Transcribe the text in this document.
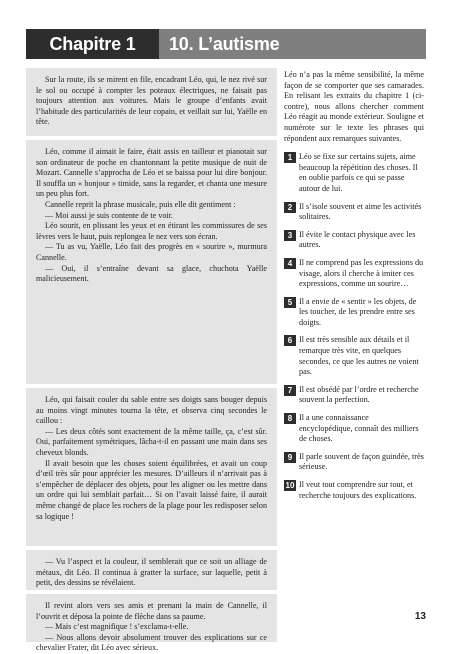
Chapitre 1	10. L’autisme

Sur la route, ils se mirent en file, encadrant Léo, qui, le nez rivé sur le sol ou occupé à compter les poteaux électriques, ne faisait pas toujours attention aux voitures. Mais le groupe d’enfants avait l’habitude des particularités de leur copain, et veillait sur lui, Yaëlle en tête.

Léo, comme il aimait le faire, était assis en tailleur et pianotait sur son ordinateur de poche en chantonnant la petite musique de nuit de Mozart. Cannelle s’approcha de Léo et se baissa pour lui dire bonjour. Il souffla un « bonjour » timide, sans la regarder, et chanta une mesure un peu plus fort.

Cannelle reprit la phrase musicale, puis elle dit gentiment :

— Moi aussi je suis contente de te voir.

Léo sourit, en plissant les yeux et en étirant les commissures de ses lèvres vers le haut, puis replongea le nez vers son écran.

— Tu as vu, Yaëlle, Léo fait des progrès en « sourire », murmura Cannelle.

— Oui, il s’entraîne devant sa glace, chuchota Yaëlle malicieusement.

Léo, qui faisait couler du sable entre ses doigts sans bouger depuis au moins vingt minutes tourna la tête, et observa cinq secondes le caillou :

— Les deux côtés sont exactement de la même taille, ça, c’est sûr. Oui, parfaitement symétriques, lâcha-t-il en passant une main dans ses cheveux blonds.

Il avait besoin que les choses soient équilibrées, et avait un coup d’œil très sûr pour apprécier les mesures. D’ailleurs il n’arrivait pas à s’empêcher de déplacer des objets, pour les aligner ou les mettre dans un ordre qui lui semblait parfait… Si on l’avait laissé faire, il aurait même changé de place les rochers de la plage pour les redisposer selon sa logique !

— Vu l’aspect et la couleur, il semblerait que ce soit un alliage de métaux, dit Léo. Il continua à gratter la surface, sur laquelle, petit à petit, des dessins se révélaient.

Il revint alors vers ses amis et prenant la main de Cannelle, il l’ouvrit et déposa la pointe de flèche dans sa paume.

— Mais c’est magnifique ! s’exclama-t-elle.

— Nous allons devoir absolument trouver des explications sur ce chevalier Frater, dit Léo avec sérieux.

Léo n’a pas la même sensibilité, la même façon de se comporter que ses camarades. En relisant les extraits du chapitre 1 (ci-contre), nous allons chercher comment Léo réagit au monde extérieur. Souligne et numérote sur le texte les phrases qui répondent aux remarques suivantes.

1 Léo se fixe sur certains sujets, aime beaucoup la répétition des choses. Il en oublie parfois ce qui se passe autour de lui.
2 Il s’isole souvent et aime les activités solitaires.
3 Il évite le contact physique avec les autres.
4 Il ne comprend pas les expressions du visage, alors il cherche à imiter ces expressions, comme un sourire…
5 Il a envie de « sentir » les objets, de les toucher, de les prendre entre ses doigts.
6 Il est très sensible aux détails et il remarque très vite, en quelques secondes, ce que les autres ne voient pas.
7 Il est obsédé par l’ordre et recherche souvent la perfection.
8 Il a une connaissance encyclopédique, connaît des milliers de choses.
9 Il parle souvent de façon guindée, très sérieuse.
10 Il veut tout comprendre sur tout, et recherche toujours des explications.
13
